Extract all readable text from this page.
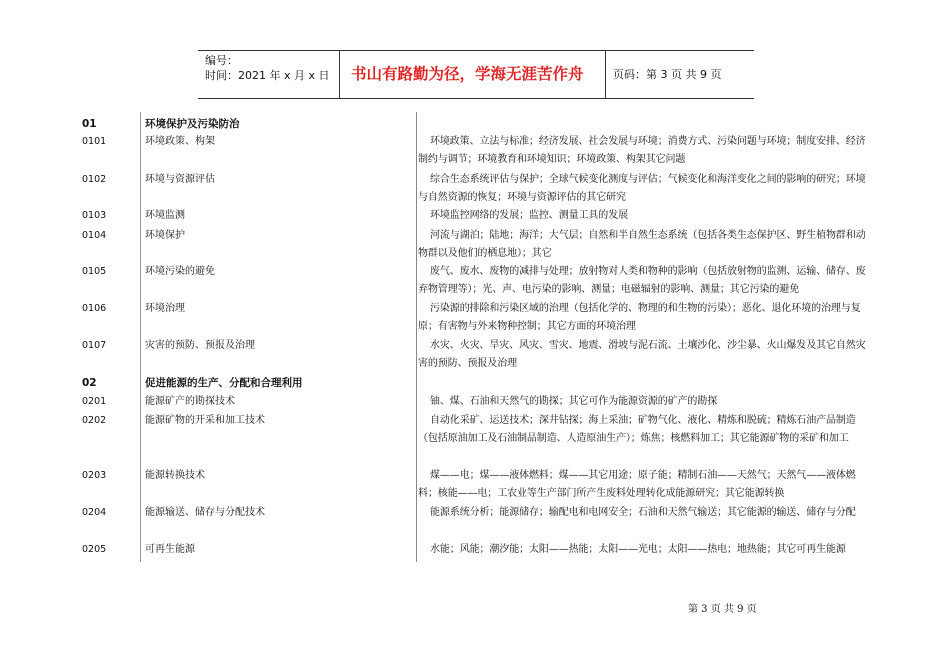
编号：
时间：2021 年 x 月 x 日	书山有路勤为径，学海无涯苦作舟	页码：第 3 页 共 9 页
01	环境保护及污染防治
0101	环境政策、构架	环境政策、立法与标准；经济发展、社会发展与环境；消费方式、污染问题与环境；制度安排、经济制约与调节；环境教育和环境知识；环境政策、构架其它问题
0102	环境与资源评估	综合生态系统评估与保护；全球气候变化测度与评估；气候变化和海洋变化之间的影响的研究；环境与自然资源的恢复；环境与资源评估的其它研究
0103	环境监测	环境监控网络的发展；监控、测量工具的发展
0104	环境保护	河流与湖泊；陆地；海洋；大气层；自然和半自然生态系统（包括各类生态保护区、野生植物群和动物群以及他们的栖息地）；其它
0105	环境污染的避免	废气、废水、废物的减排与处理；放射物对人类和物种的影响（包括放射物的监测、运输、储存、废弃物管理等）；光、声、电污染的影响、测量；电磁辐射的影响、测量；其它污染的避免
0106	环境治理	污染源的排除和污染区域的治理（包括化学的、物理的和生物的污染）；恶化、退化环境的治理与复原；有害物与外来物种控制；其它方面的环境治理
0107	灾害的预防、预报及治理	水灾、火灾、旱灾、风灾、雪灾、地震、滑坡与泥石流、土壤沙化、沙尘暴、火山爆发及其它自然灾害的预防、预报及治理
02	促进能源的生产、分配和合理利用
0201	能源矿产的勘探技术	铀、煤、石油和天然气的勘探；其它可作为能源资源的矿产的勘探
0202	能源矿物的开采和加工技术	自动化采矿、运送技术；深井钻探；海上采油；矿物气化、液化、精炼和脱硫；精炼石油产品制造（包括原油加工及石油制品制造、人造原油生产）；炼焦；核燃料加工；其它能源矿物的采矿和加工
0203	能源转换技术	煤——电；煤——液体燃料；煤——其它用途；原子能；精制石油——天然气；天然气——液体燃料；核能——电；工农业等生产部门所产生废料处理转化成能源研究；其它能源转换
0204	能源输送、储存与分配技术	能源系统分析；能源储存；输配电和电网安全；石油和天然气输送；其它能源的输送、储存与分配
0205	可再生能源	水能；风能；潮汐能；太阳——热能；太阳——光电；太阳——热电；地热能；其它可再生能源
第 3 页 共 9 页
